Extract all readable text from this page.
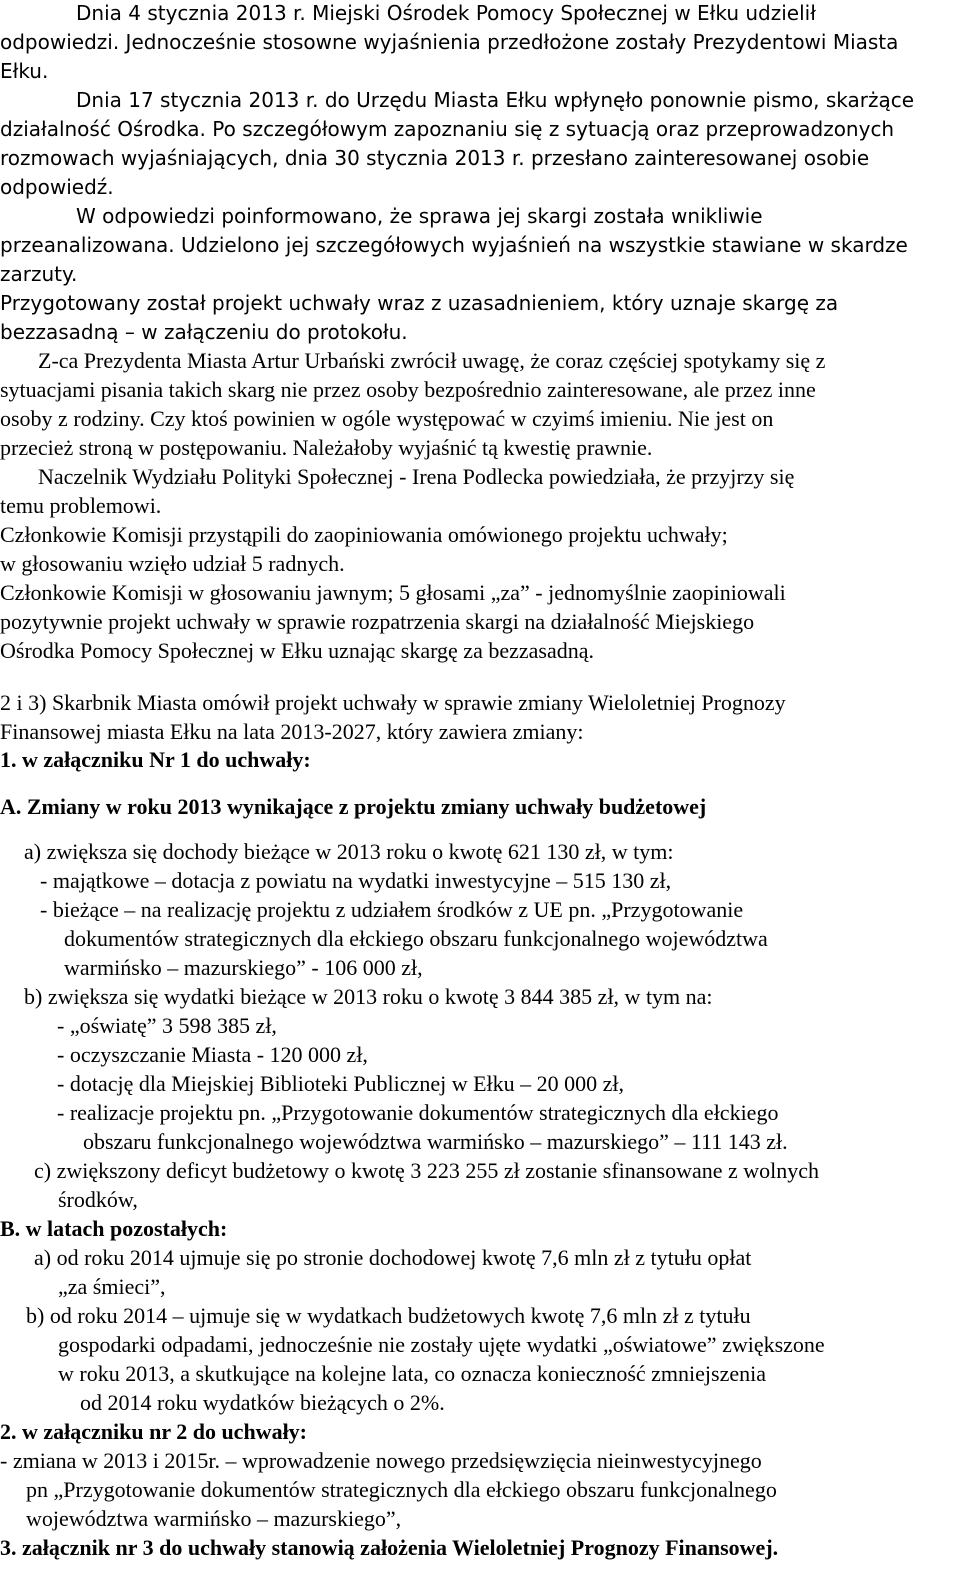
Dnia 4 stycznia 2013 r. Miejski Ośrodek Pomocy Społecznej w Ełku udzielił
odpowiedzi. Jednocześnie stosowne wyjaśnienia przedłożone zostały Prezydentowi Miasta
Ełku.
Dnia 17 stycznia 2013 r. do Urzędu Miasta Ełku wpłynęło ponownie pismo, skarżące
działalność Ośrodka. Po szczegółowym zapoznaniu się z sytuacją oraz przeprowadzonych
rozmowach wyjaśniających, dnia 30 stycznia 2013 r. przesłano zainteresowanej osobie
odpowiedź.
W odpowiedzi poinformowano, że sprawa jej skargi została wnikliwie
przeanalizowana. Udzielono jej szczegółowych wyjaśnień na wszystkie stawiane w skardze
zarzuty.
Przygotowany został projekt uchwały wraz z uzasadnieniem, który uznaje skargę za
bezzasadną – w załączeniu do protokołu.
Z-ca Prezydenta Miasta Artur Urbański zwrócił uwagę, że coraz częściej spotykamy się z
sytuacjami pisania takich skarg nie przez osoby bezpośrednio zainteresowane, ale przez inne
osoby z rodziny. Czy ktoś powinien w ogóle występować w czyimś imieniu. Nie jest on
przecież stroną w postępowaniu. Należałoby wyjaśnić tą kwestię prawnie.
Naczelnik Wydziału Polityki Społecznej - Irena Podlecka powiedziała, że przyjrzy się
temu problemowi.
Członkowie Komisji przystąpili do zaopiniowania omówionego projektu uchwały;
w głosowaniu wzięło udział 5 radnych.
Członkowie Komisji w głosowaniu jawnym; 5 głosami „za” - jednomyślnie zaopiniowali
pozytywnie projekt uchwały w sprawie rozpatrzenia skargi na działalność Miejskiego
Ośrodka Pomocy Społecznej w Ełku uznając skargę za bezzasadną.
2 i 3) Skarbnik Miasta omówił projekt uchwały w sprawie zmiany Wieloletniej Prognozy
Finansowej miasta Ełku na lata 2013-2027, który zawiera zmiany:
1. w załączniku Nr 1 do uchwały:
A. Zmiany w roku 2013 wynikające z projektu zmiany uchwały budżetowej
a) zwiększa się dochody bieżące w 2013 roku o kwotę 621 130 zł, w tym:
- majątkowe – dotacja z powiatu na wydatki inwestycyjne – 515 130 zł,
- bieżące – na realizację projektu z udziałem środków z UE pn. „Przygotowanie
dokumentów strategicznych dla ełckiego obszaru funkcjonalnego województwa
warmińsko – mazurskiego” - 106 000 zł,
b) zwiększa się wydatki bieżące w 2013 roku o kwotę 3 844 385 zł, w tym na:
- „oświatę” 3 598 385 zł,
- oczyszczanie Miasta - 120 000 zł,
- dotację dla Miejskiej Biblioteki Publicznej w Ełku – 20 000 zł,
- realizacje projektu pn. „Przygotowanie dokumentów strategicznych dla ełckiego
obszaru funkcjonalnego województwa warmińsko – mazurskiego” – 111 143 zł.
c) zwiększony deficyt budżetowy o kwotę 3 223 255 zł zostanie sfinansowane z wolnych
środków,
B. w latach pozostałych:
a) od roku 2014 ujmuje się po stronie dochodowej kwotę 7,6 mln zł z tytułu opłat
„za śmieci”,
b) od roku 2014 – ujmuje się w wydatkach budżetowych kwotę 7,6 mln zł z tytułu
gospodarki odpadami, jednocześnie nie zostały ujęte wydatki „oświatowe” zwiększone
w roku 2013, a skutkujące na kolejne lata, co oznacza konieczność zmniejszenia
od 2014 roku wydatków bieżących o 2%.
2. w załączniku nr 2 do uchwały:
- zmiana w 2013 i 2015r. – wprowadzenie nowego przedsięwzięcia nieinwestycyjnego
pn „Przygotowanie dokumentów strategicznych dla ełckiego obszaru funkcjonalnego
województwa warmińsko – mazurskiego”,
3. załącznik nr 3 do uchwały stanowią założenia Wieloletniej Prognozy Finansowej.
